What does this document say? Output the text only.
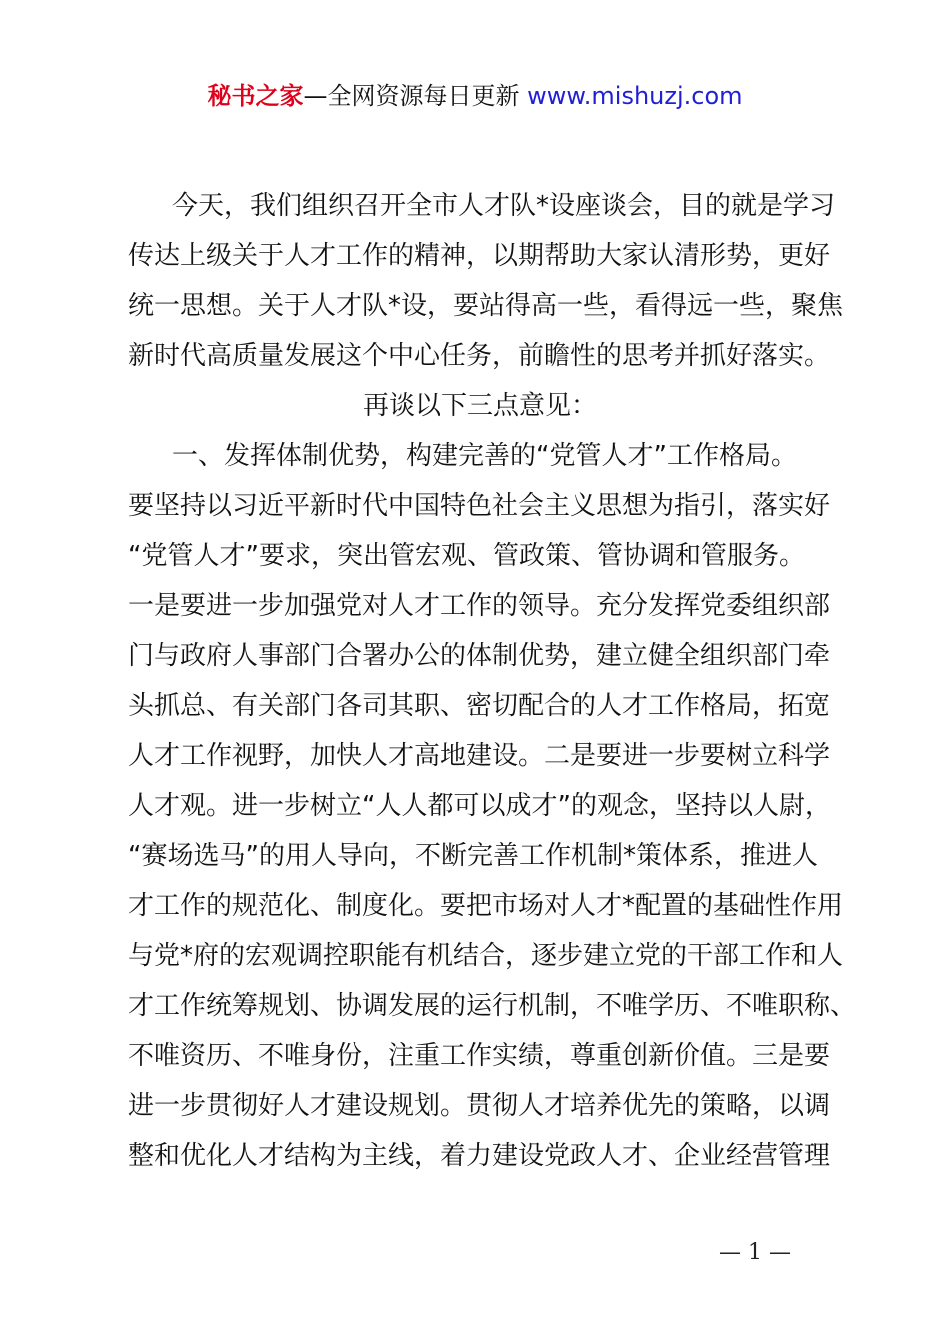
秘书之家—全网资源每日更新 www.mishuzj.com
今天，我们组织召开全市人才队*设座谈会，目的就是学习
传达上级关于人才工作的精神，以期帮助大家认清形势，更好
统一思想。关于人才队*设，要站得高一些，看得远一些，聚焦
新时代高质量发展这个中心任务，前瞻性的思考并抓好落实。
再谈以下三点意见：
一、发挥体制优势，构建完善的“党管人才”工作格局。
要坚持以习近平新时代中国特色社会主义思想为指引，落实好
“党管人才”要求，突出管宏观、管政策、管协调和管服务。
一是要进一步加强党对人才工作的领导。充分发挥党委组织部
门与政府人事部门合署办公的体制优势，建立健全组织部门牵
头抓总、有关部门各司其职、密切配合的人才工作格局，拓宽
人才工作视野，加快人才高地建设。二是要进一步要树立科学
人才观。进一步树立“人人都可以成才”的观念，坚持以人尉，
“赛场选马”的用人导向，不断完善工作机制*策体系，推进人
才工作的规范化、制度化。要把市场对人才*配置的基础性作用
与党*府的宏观调控职能有机结合，逐步建立党的干部工作和人
才工作统筹规划、协调发展的运行机制，不唯学历、不唯职称、
不唯资历、不唯身份，注重工作实绩，尊重创新价值。三是要
进一步贯彻好人才建设规划。贯彻人才培养优先的策略，以调
整和优化人才结构为主线，着力建设党政人才、企业经营管理
— 1 —
